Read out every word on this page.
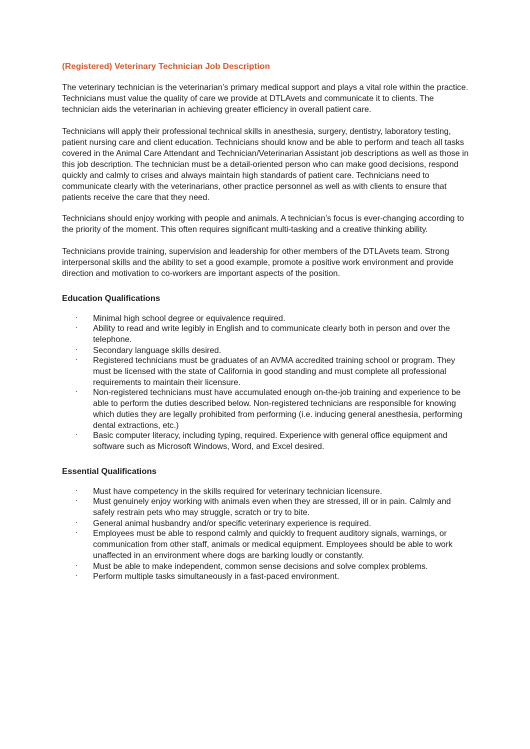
(Registered) Veterinary Technician Job Description

The veterinary technician is the veterinarian’s primary medical support and plays a vital role within the practice. Technicians must value the quality of care we provide at DTLAvets and communicate it to clients. The technician aids the veterinarian in achieving greater efficiency in overall patient care.

Technicians will apply their professional technical skills in anesthesia, surgery, dentistry, laboratory testing, patient nursing care and client education. Technicians should know and be able to perform and teach all tasks covered in the Animal Care Attendant and Technician/Veterinarian Assistant job descriptions as well as those in this job description. The technician must be a detail-oriented person who can make good decisions, respond quickly and calmly to crises and always maintain high standards of patient care. Technicians need to communicate clearly with the veterinarians, other practice personnel as well as with clients to ensure that patients receive the care that they need.

Technicians should enjoy working with people and animals. A technician’s focus is ever-changing according to the priority of the moment. This often requires significant multi-tasking and a creative thinking ability.

Technicians provide training, supervision and leadership for other members of the DTLAvets team. Strong interpersonal skills and the ability to set a good example, promote a positive work environment and provide direction and motivation to co-workers are important aspects of the position.

Education Qualifications
· Minimal high school degree or equivalence required.
· Ability to read and write legibly in English and to communicate clearly both in person and over the telephone.
· Secondary language skills desired.
· Registered technicians must be graduates of an AVMA accredited training school or program. They must be licensed with the state of California in good standing and must complete all professional requirements to maintain their licensure.
· Non-registered technicians must have accumulated enough on-the-job training and experience to be able to perform the duties described below. Non-registered technicians are responsible for knowing which duties they are legally prohibited from performing (i.e. inducing general anesthesia, performing dental extractions, etc.)
· Basic computer literacy, including typing, required. Experience with general office equipment and software such as Microsoft Windows, Word, and Excel desired.
Essential Qualifications
· Must have competency in the skills required for veterinary technician licensure.
· Must genuinely enjoy working with animals even when they are stressed, ill or in pain. Calmly and safely restrain pets who may struggle, scratch or try to bite.
· General animal husbandry and/or specific veterinary experience is required.
· Employees must be able to respond calmly and quickly to frequent auditory signals, warnings, or communication from other staff, animals or medical equipment. Employees should be able to work unaffected in an environment where dogs are barking loudly or constantly.
· Must be able to make independent, common sense decisions and solve complex problems.
· Perform multiple tasks simultaneously in a fast-paced environment.
